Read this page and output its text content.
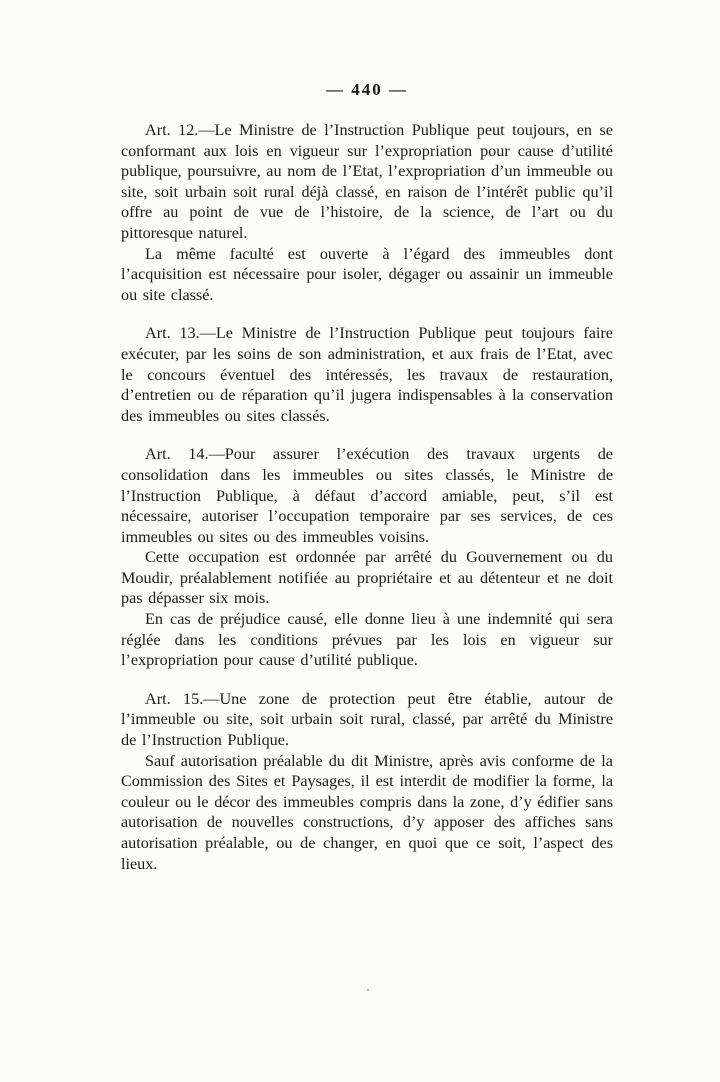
— 440 —

Art. 12.—Le Ministre de l’Instruction Publique peut toujours, en se conformant aux lois en vigueur sur l’expropriation pour cause d’utilité publique, poursuivre, au nom de l’Etat, l’expropriation d’un immeuble ou site, soit urbain soit rural déjà classé, en raison de l’intérêt public qu’il offre au point de vue de l’histoire, de la science, de l’art ou du pittoresque naturel.

La même faculté est ouverte à l’égard des immeubles dont l’acquisition est nécessaire pour isoler, dégager ou assainir un immeuble ou site classé.

Art. 13.—Le Ministre de l’Instruction Publique peut toujours faire exécuter, par les soins de son administration, et aux frais de l’Etat, avec le concours éventuel des intéressés, les travaux de restauration, d’entretien ou de réparation qu’il jugera indispensables à la conservation des immeubles ou sites classés.

Art. 14.—Pour assurer l’exécution des travaux urgents de consolidation dans les immeubles ou sites classés, le Ministre de l’Instruction Publique, à défaut d’accord amiable, peut, s’il est nécessaire, autoriser l’occupation temporaire par ses services, de ces immeubles ou sites ou des immeubles voisins.

Cette occupation est ordonnée par arrêté du Gouvernement ou du Moudir, préalablement notifiée au propriétaire et au détenteur et ne doit pas dépasser six mois.

En cas de préjudice causé, elle donne lieu à une indemnité qui sera réglée dans les conditions prévues par les lois en vigueur sur l’expropriation pour cause d’utilité publique.

Art. 15.—Une zone de protection peut être établie, autour de l’immeuble ou site, soit urbain soit rural, classé, par arrêté du Ministre de l’Instruction Publique.

Sauf autorisation préalable du dit Ministre, après avis conforme de la Commission des Sites et Paysages, il est interdit de modifier la forme, la couleur ou le décor des immeubles compris dans la zone, d’y édifier sans autorisation de nouvelles constructions, d’y apposer des affiches sans autorisation préalable, ou de changer, en quoi que ce soit, l’aspect des lieux.
